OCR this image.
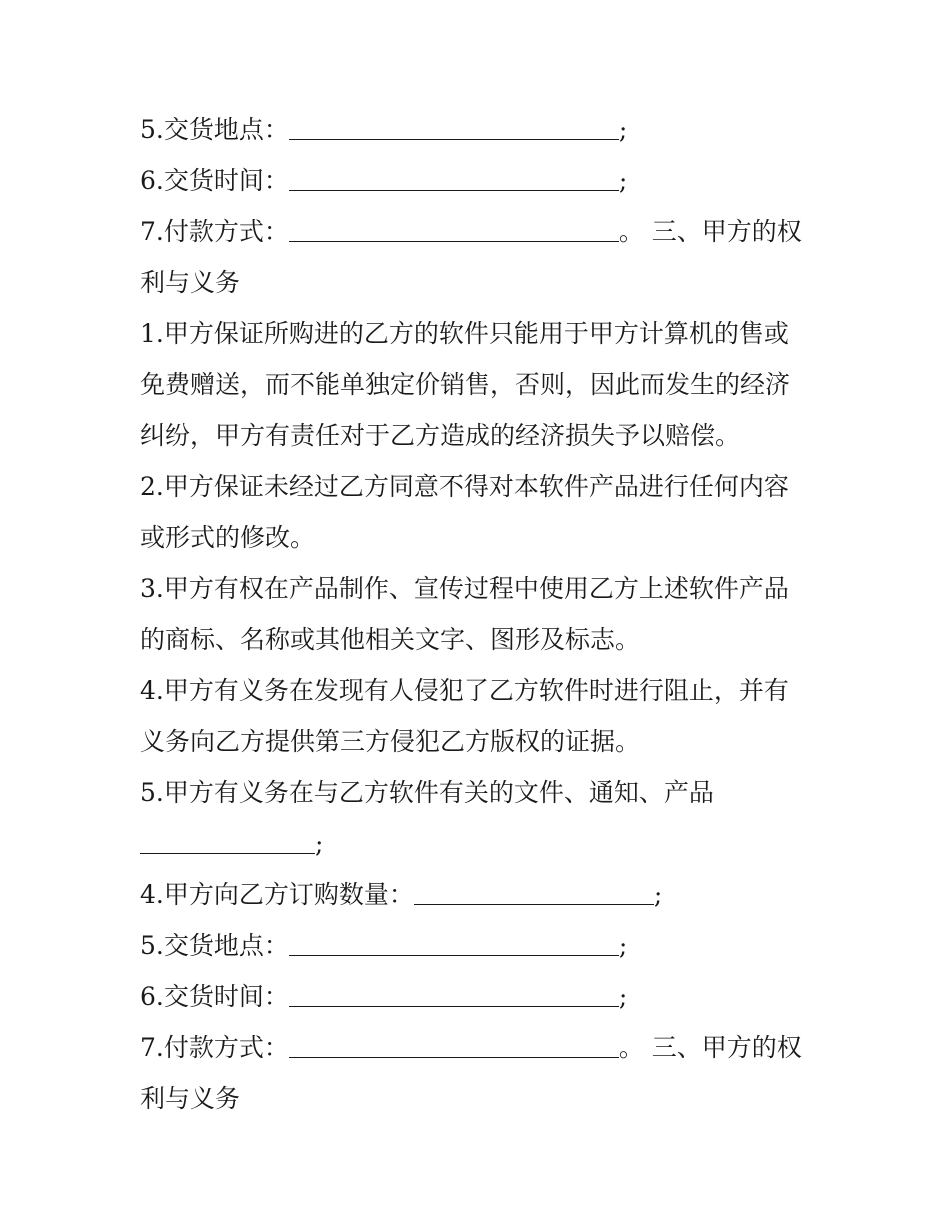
5.交货地点：	;
6.交货时间：	;
7.付款方式：	。 三、甲方的权
利与义务
1.甲方保证所购进的乙方的软件只能用于甲方计算机的售或免费赠送，而不能单独定价销售，否则，因此而发生的经济纠纷，甲方有责任对于乙方造成的经济损失予以赔偿。
2.甲方保证未经过乙方同意不得对本软件产品进行任何内容或形式的修改。
3.甲方有权在产品制作、宣传过程中使用乙方上述软件产品的商标、名称或其他相关文字、图形及标志。
4.甲方有义务在发现有人侵犯了乙方软件时进行阻止，并有义务向乙方提供第三方侵犯乙方版权的证据。
5.甲方有义务在与乙方软件有关的文件、通知、产品
;
4.甲方向乙方订购数量：	;
5.交货地点：	;
6.交货时间：	;
7.付款方式：	。 三、甲方的权
利与义务
